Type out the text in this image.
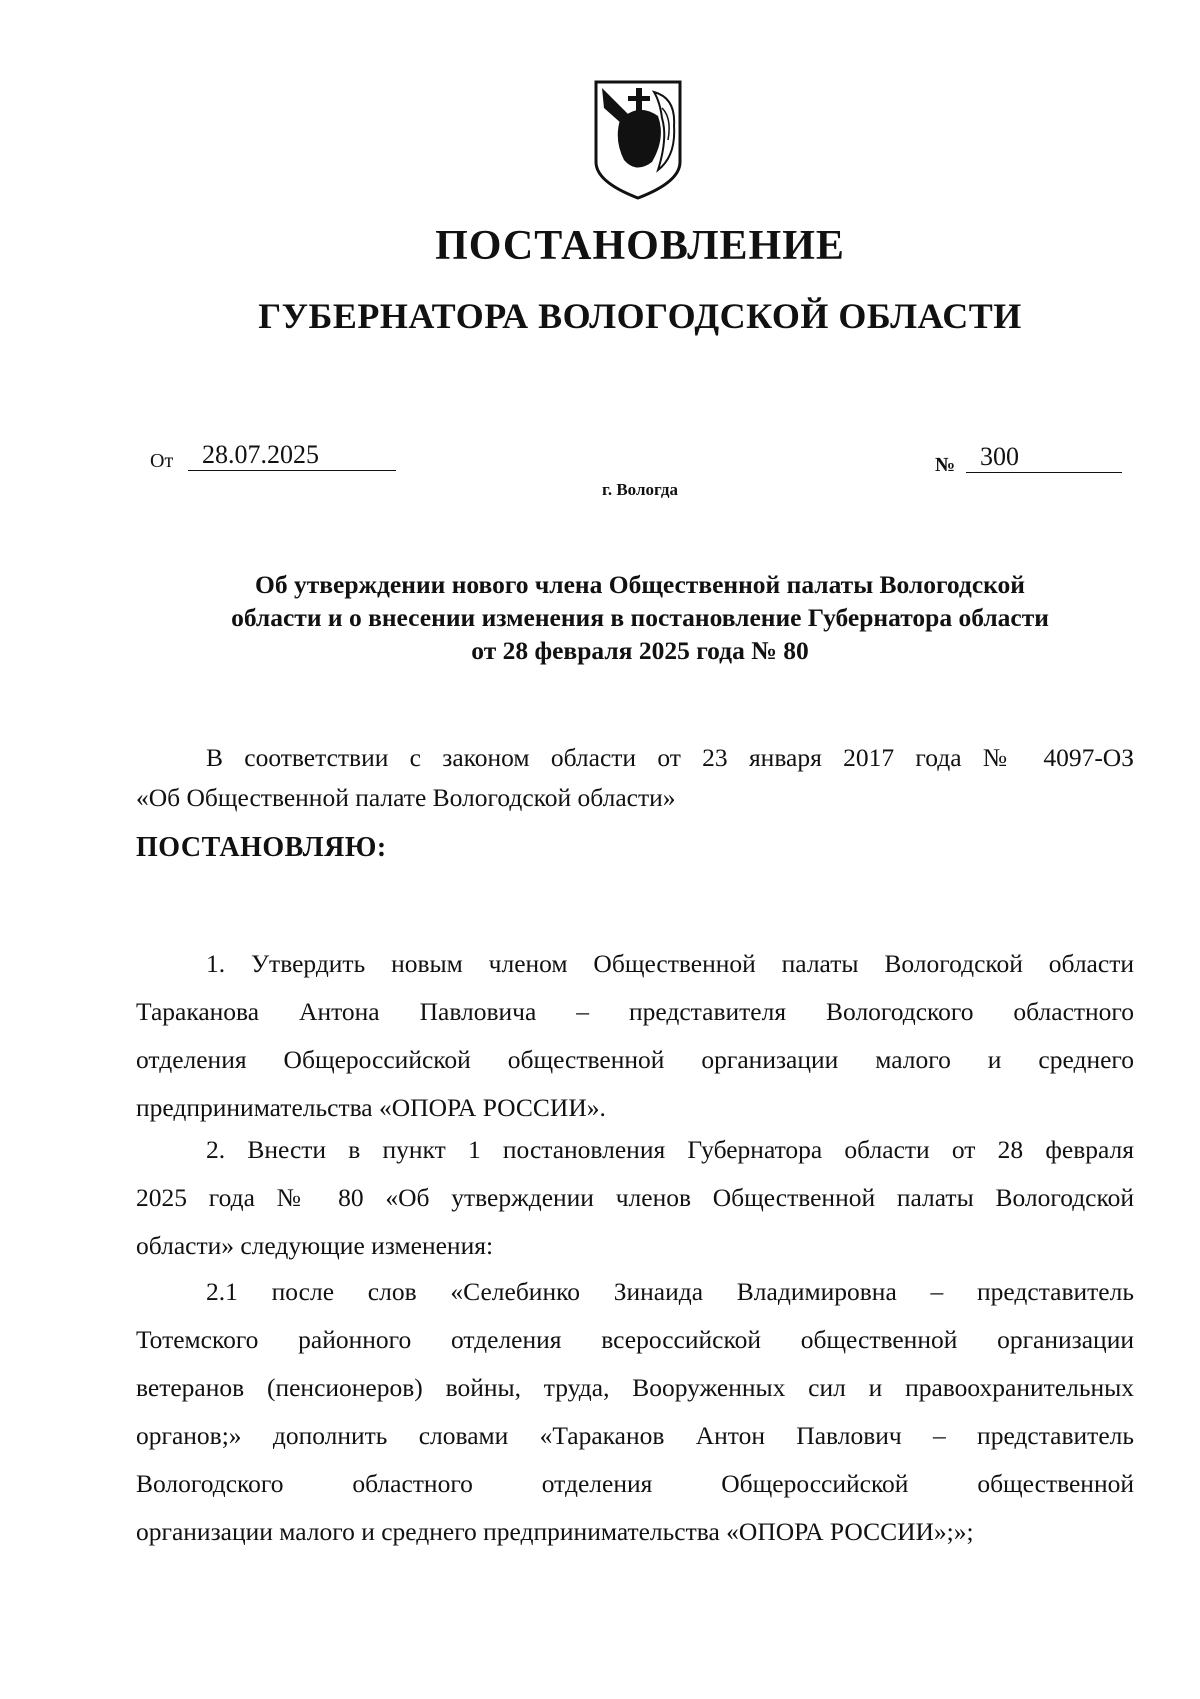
ПОСТАНОВЛЕНИЕ
ГУБЕРНАТОРА ВОЛОГОДСКОЙ ОБЛАСТИ
От	28.07.2025	№ 300
г. Вологда
Об утверждении нового члена Общественной палаты Вологодской
области и о внесении изменения в постановление Губернатора области
от 28 февраля 2025 года № 80
В соответствии с законом области от 23 января 2017 года № 4097-ОЗ
«Об Общественной палате Вологодской области»
ПОСТАНОВЛЯЮ:
1. Утвердить новым членом Общественной палаты Вологодской области
Тараканова Антона Павловича – представителя Вологодского областного
отделения Общероссийской общественной организации малого и среднего
предпринимательства «ОПОРА РОССИИ».
2. Внести в пункт 1 постановления Губернатора области от 28 февраля
2025 года № 80 «Об утверждении членов Общественной палаты Вологодской
области» следующие изменения:
2.1 после слов «Селебинко Зинаида Владимировна – представитель
Тотемского районного отделения всероссийской общественной организации
ветеранов (пенсионеров) войны, труда, Вооруженных сил и правоохранительных
органов;» дополнить словами «Тараканов Антон Павлович – представитель
Вологодского областного отделения Общероссийской общественной
организации малого и среднего предпринимательства «ОПОРА РОССИИ»;»;
